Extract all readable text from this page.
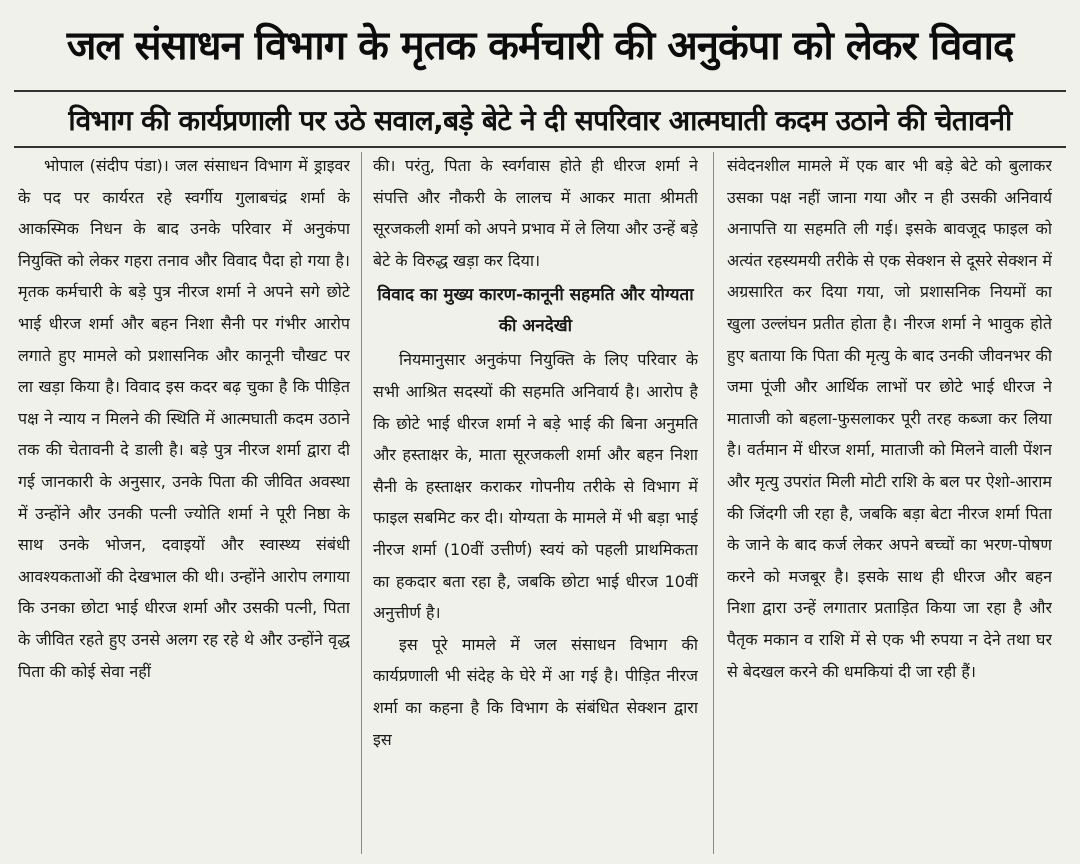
जल संसाधन विभाग के मृतक कर्मचारी की अनुकंपा को लेकर विवाद
विभाग की कार्यप्रणाली पर उठे सवाल,बड़े बेटे ने दी सपरिवार आत्मघाती कदम उठाने की चेतावनी

भोपाल (संदीप पंडा)। जल संसाधन विभाग में ड्राइवर के पद पर कार्यरत रहे स्वर्गीय गुलाबचंद्र शर्मा के आकस्मिक निधन के बाद उनके परिवार में अनुकंपा नियुक्ति को लेकर गहरा तनाव और विवाद पैदा हो गया है। मृतक कर्मचारी के बड़े पुत्र नीरज शर्मा ने अपने सगे छोटे भाई धीरज शर्मा और बहन निशा सैनी पर गंभीर आरोप लगाते हुए मामले को प्रशासनिक और कानूनी चौखट पर ला खड़ा किया है। विवाद इस कदर बढ़ चुका है कि पीड़ित पक्ष ने न्याय न मिलने की स्थिति में आत्मघाती कदम उठाने तक की चेतावनी दे डाली है। बड़े पुत्र नीरज शर्मा द्वारा दी गई जानकारी के अनुसार, उनके पिता की जीवित अवस्था में उन्होंने और उनकी पत्नी ज्योति शर्मा ने पूरी निष्ठा के साथ उनके भोजन, दवाइयों और स्वास्थ्य संबंधी आवश्यकताओं की देखभाल की थी। उन्होंने आरोप लगाया कि उनका छोटा भाई धीरज शर्मा और उसकी पत्नी, पिता के जीवित रहते हुए उनसे अलग रह रहे थे और उन्होंने वृद्ध पिता की कोई सेवा नहीं

की। परंतु, पिता के स्वर्गवास होते ही धीरज शर्मा ने संपत्ति और नौकरी के लालच में आकर माता श्रीमती सूरजकली शर्मा को अपने प्रभाव में ले लिया और उन्हें बड़े बेटे के विरुद्ध खड़ा कर दिया।

विवाद का मुख्य कारण-कानूनी सहमति और योग्यता की अनदेखी

नियमानुसार अनुकंपा नियुक्ति के लिए परिवार के सभी आश्रित सदस्यों की सहमति अनिवार्य है। आरोप है कि छोटे भाई धीरज शर्मा ने बड़े भाई की बिना अनुमति और हस्ताक्षर के, माता सूरजकली शर्मा और बहन निशा सैनी के हस्ताक्षर कराकर गोपनीय तरीके से विभाग में फाइल सबमिट कर दी। योग्यता के मामले में भी बड़ा भाई नीरज शर्मा (10वीं उत्तीर्ण) स्वयं को पहली प्राथमिकता का हकदार बता रहा है, जबकि छोटा भाई धीरज 10वीं अनुत्तीर्ण है।

इस पूरे मामले में जल संसाधन विभाग की कार्यप्रणाली भी संदेह के घेरे में आ गई है। पीड़ित नीरज शर्मा का कहना है कि विभाग के संबंधित सेक्शन द्वारा इस

संवेदनशील मामले में एक बार भी बड़े बेटे को बुलाकर उसका पक्ष नहीं जाना गया और न ही उसकी अनिवार्य अनापत्ति या सहमति ली गई। इसके बावजूद फाइल को अत्यंत रहस्यमयी तरीके से एक सेक्शन से दूसरे सेक्शन में अग्रसारित कर दिया गया, जो प्रशासनिक नियमों का खुला उल्लंघन प्रतीत होता है। नीरज शर्मा ने भावुक होते हुए बताया कि पिता की मृत्यु के बाद उनकी जीवनभर की जमा पूंजी और आर्थिक लाभों पर छोटे भाई धीरज ने माताजी को बहला-फुसलाकर पूरी तरह कब्जा कर लिया है। वर्तमान में धीरज शर्मा, माताजी को मिलने वाली पेंशन और मृत्यु उपरांत मिली मोटी राशि के बल पर ऐशो-आराम की जिंदगी जी रहा है, जबकि बड़ा बेटा नीरज शर्मा पिता के जाने के बाद कर्ज लेकर अपने बच्चों का भरण-पोषण करने को मजबूर है। इसके साथ ही धीरज और बहन निशा द्वारा उन्हें लगातार प्रताड़ित किया जा रहा है और पैतृक मकान व राशि में से एक भी रुपया न देने तथा घर से बेदखल करने की धमकियां दी जा रही हैं।
